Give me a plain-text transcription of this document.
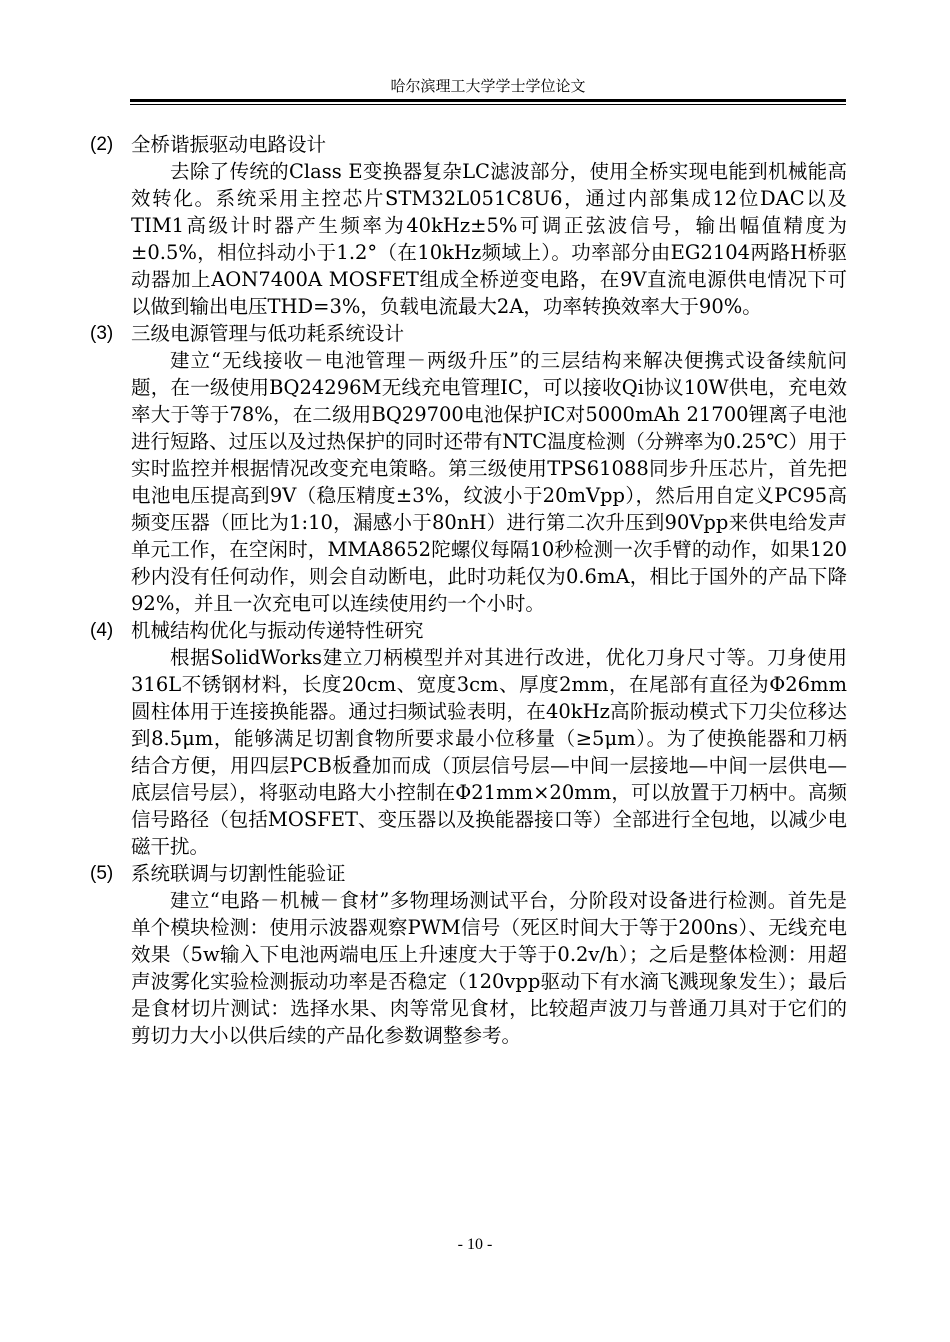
哈尔滨理工大学学士学位论文
(2) 全桥谐振驱动电路设计

去除了传统的Class E变换器复杂LC滤波部分，使用全桥实现电能到机械能高效转化。系统采用主控芯片STM32L051C8U6，通过内部集成12位DAC以及TIM1高级计时器产生频率为40kHz±5%可调正弦波信号，输出幅值精度为±0.5%，相位抖动小于1.2°（在10kHz频域上）。功率部分由EG2104两路H桥驱动器加上AON7400A MOSFET组成全桥逆变电路，在9V直流电源供电情况下可以做到输出电压THD=3%，负载电流最大2A，功率转换效率大于90%。

(3) 三级电源管理与低功耗系统设计

建立“无线接收－电池管理－两级升压”的三层结构来解决便携式设备续航问题，在一级使用BQ24296M无线充电管理IC，可以接收Qi协议10W供电，充电效率大于等于78%，在二级用BQ29700电池保护IC对5000mAh 21700锂离子电池进行短路、过压以及过热保护的同时还带有NTC温度检测（分辨率为0.25℃）用于实时监控并根据情况改变充电策略。第三级使用TPS61088同步升压芯片，首先把电池电压提高到9V（稳压精度±3%，纹波小于20mVpp），然后用自定义PC95高频变压器（匝比为1:10，漏感小于80nH）进行第二次升压到90Vpp来供电给发声单元工作，在空闲时，MMA8652陀螺仪每隔10秒检测一次手臂的动作，如果120秒内没有任何动作，则会自动断电，此时功耗仅为0.6mA，相比于国外的产品下降92%，并且一次充电可以连续使用约一个小时。

(4) 机械结构优化与振动传递特性研究

根据SolidWorks建立刀柄模型并对其进行改进，优化刀身尺寸等。刀身使用316L不锈钢材料，长度20cm、宽度3cm、厚度2mm，在尾部有直径为Φ26mm圆柱体用于连接换能器。通过扫频试验表明，在40kHz高阶振动模式下刀尖位移达到8.5μm，能够满足切割食物所要求最小位移量（≥5μm）。为了使换能器和刀柄结合方便，用四层PCB板叠加而成（顶层信号层—中间一层接地—中间一层供电—底层信号层），将驱动电路大小控制在Φ21mm×20mm，可以放置于刀柄中。高频信号路径（包括MOSFET、变压器以及换能器接口等）全部进行全包地，以减少电磁干扰。

(5) 系统联调与切割性能验证

建立“电路－机械－食材”多物理场测试平台，分阶段对设备进行检测。首先是单个模块检测：使用示波器观察PWM信号（死区时间大于等于200ns）、无线充电效果（5w输入下电池两端电压上升速度大于等于0.2v/h）；之后是整体检测：用超声波雾化实验检测振动功率是否稳定（120vpp驱动下有水滴飞溅现象发生）；最后是食材切片测试：选择水果、肉等常见食材，比较超声波刀与普通刀具对于它们的剪切力大小以供后续的产品化参数调整参考。

- 10 -
